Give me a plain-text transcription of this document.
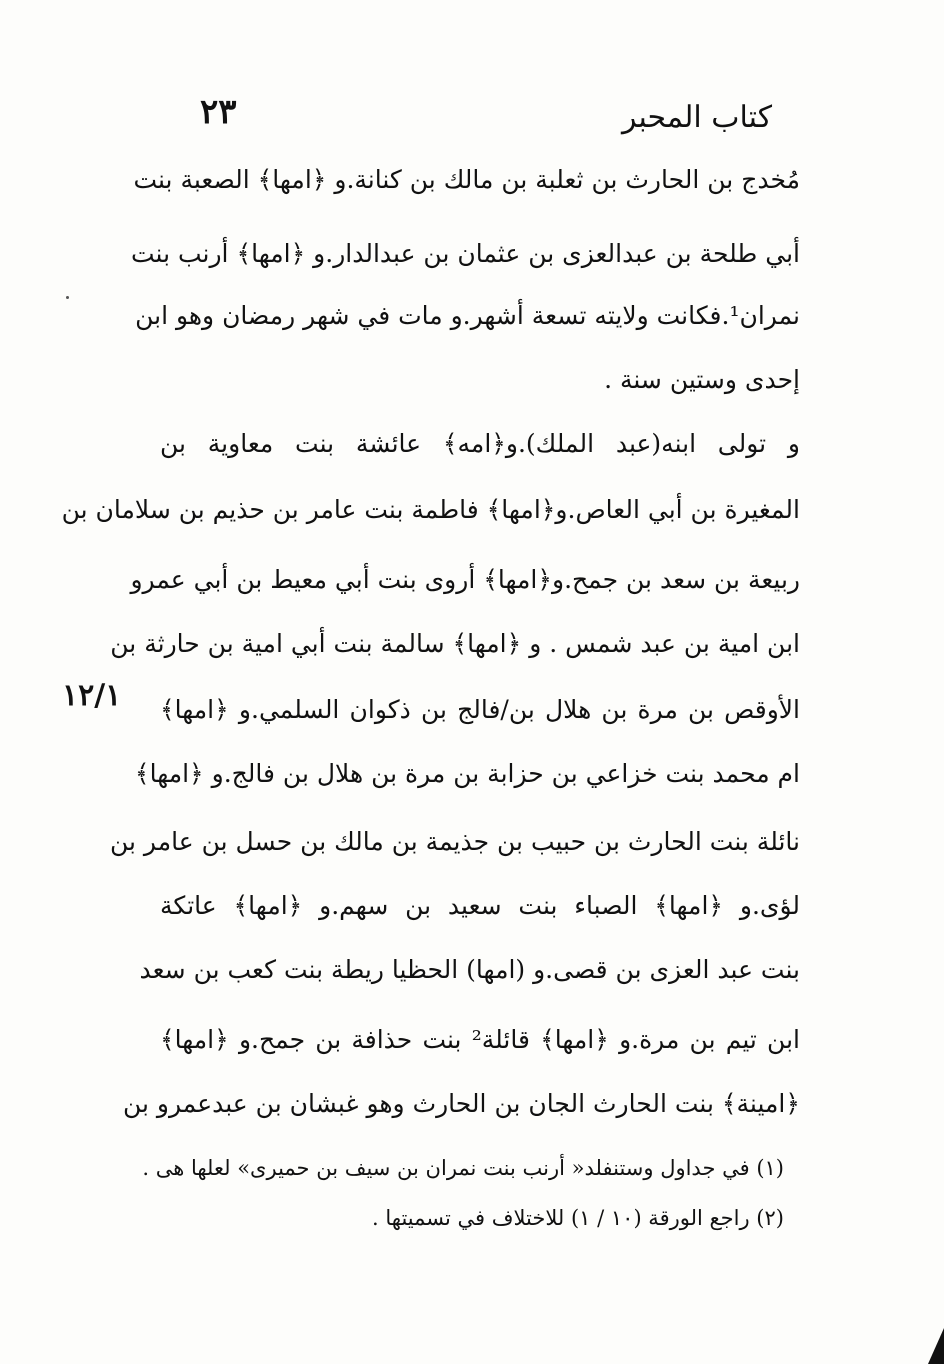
٢٣	كتاب المحبر
مُخدج بن الحارث بن ثعلبة بن مالك بن كنانة.و ﴿امها﴾ الصعبة بنت
أبي طلحة بن عبدالعزى بن عثمان بن عبدالدار.و ﴿امها﴾ أرنب بنت
نمران¹.فكانت ولايته تسعة أشهر.و مات في شهر رمضان وهو ابن
إحدى وستين سنة .
و تولى ابنه(عبد الملك).و﴿امه﴾ عائشة بنت معاوية بن
المغيرة بن أبي العاص.و﴿امها﴾ فاطمة بنت عامر بن حذيم بن سلامان بن
ربيعة بن سعد بن جمح.و﴿امها﴾ أروى بنت أبي معيط بن أبي عمرو
ابن امية بن عبد شمس . و ﴿امها﴾ سالمة بنت أبي امية بن حارثة بن
الأوقص بن مرة بن هلال بن/فالج بن ذكوان السلمي.و ﴿امها﴾
ام محمد بنت خزاعي بن حزابة بن مرة بن هلال بن فالج.و ﴿امها﴾
نائلة بنت الحارث بن حبيب بن جذيمة بن مالك بن حسل بن عامر بن
لؤى.و ﴿امها﴾ الصباء بنت سعيد بن سهم.و ﴿امها﴾ عاتكة
بنت عبد العزى بن قصى.و (امها) الحظيا ريطة بنت كعب بن سعد
ابن تيم بن مرة.و ﴿امها﴾ قائلة² بنت حذافة بن جمح.و ﴿امها﴾
﴿امينة﴾ بنت الحارث الجان بن الحارث وهو غبشان بن عبدعمرو بن
١٢/١
(١) في جداول وستنفلد« أرنب بنت نمران بن سيف بن حميرى» لعلها هى .
(٢) راجع الورقة (١٠ / ١) للاختلاف في تسميتها .
